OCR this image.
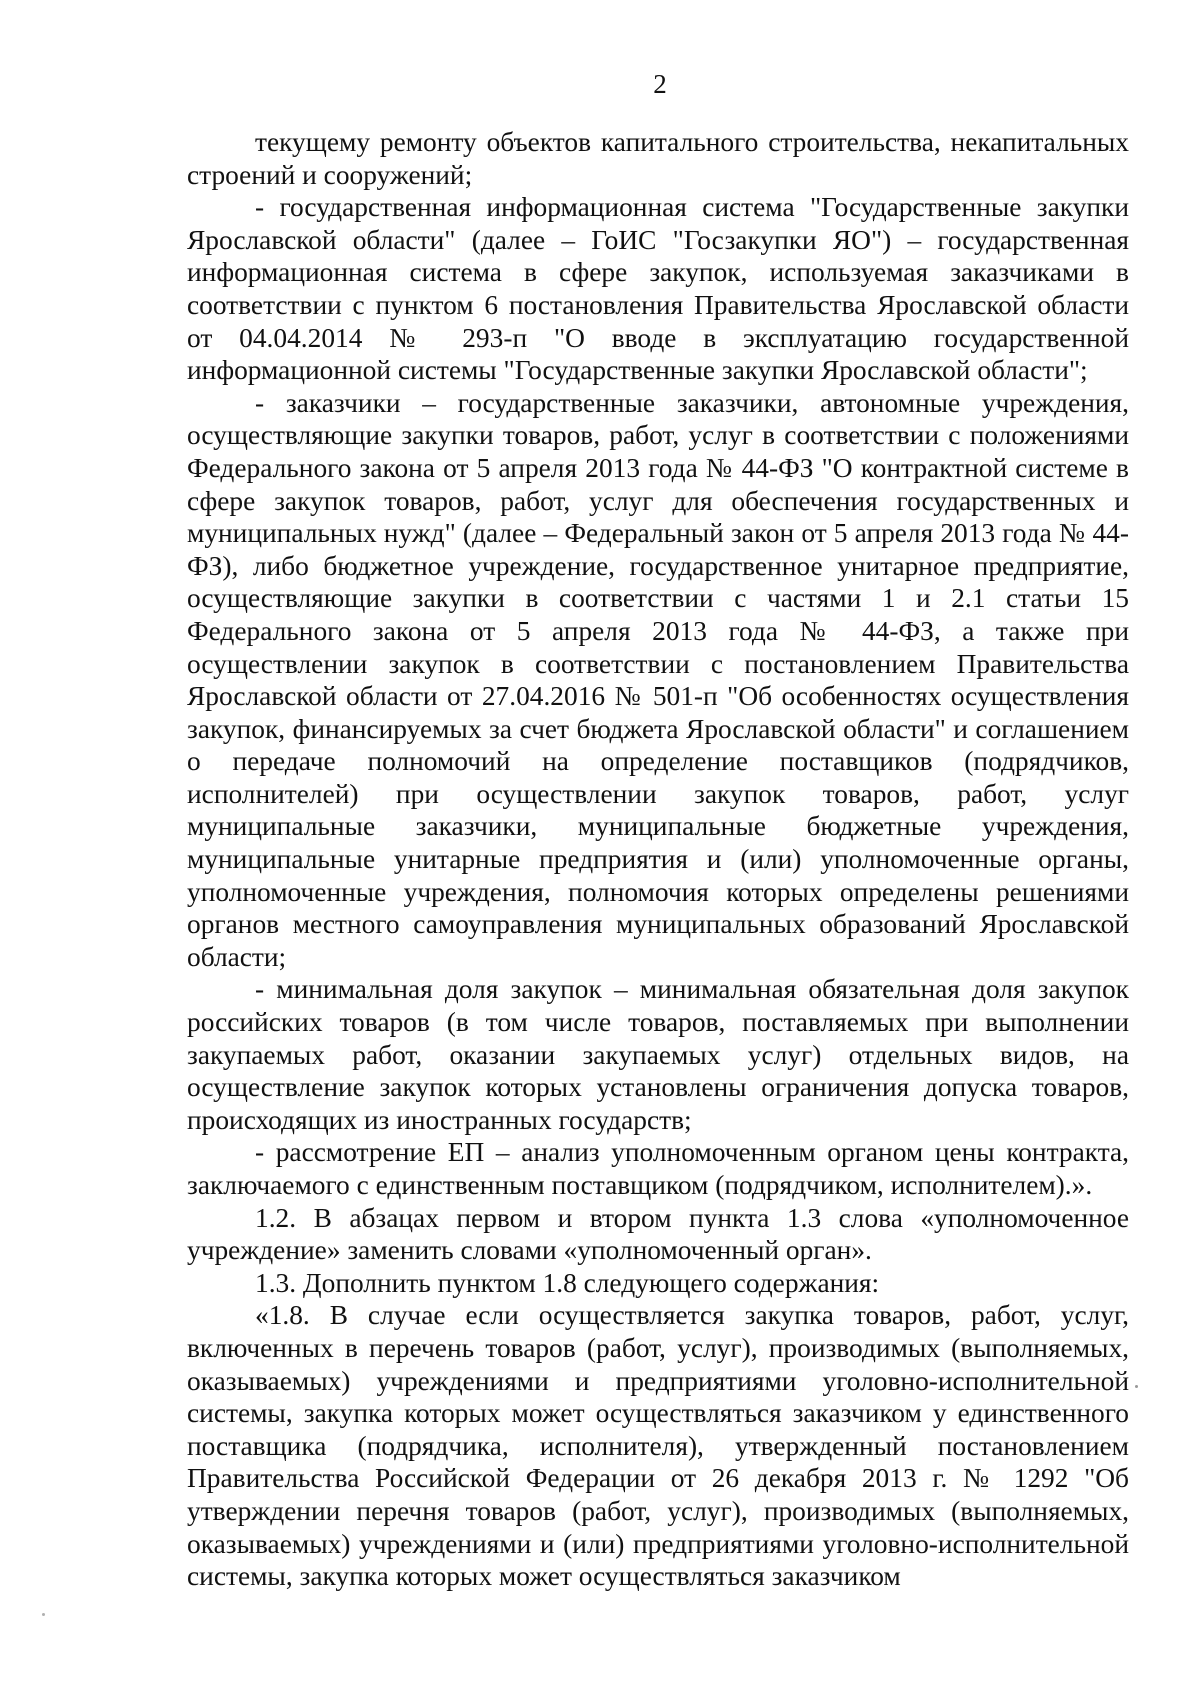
2

текущему ремонту объектов капитального строительства, некапитальных строений и сооружений;

- государственная информационная система "Государственные закупки Ярославской области" (далее – ГоИС "Госзакупки ЯО") – государственная информационная система в сфере закупок, используемая заказчиками в соответствии с пунктом 6 постановления Правительства Ярославской области от 04.04.2014 № 293-п "О вводе в эксплуатацию государственной информационной системы "Государственные закупки Ярославской области";

- заказчики – государственные заказчики, автономные учреждения, осуществляющие закупки товаров, работ, услуг в соответствии с положениями Федерального закона от 5 апреля 2013 года № 44-ФЗ "О контрактной системе в сфере закупок товаров, работ, услуг для обеспечения государственных и муниципальных нужд" (далее – Федеральный закон от 5 апреля 2013 года № 44-ФЗ), либо бюджетное учреждение, государственное унитарное предприятие, осуществляющие закупки в соответствии с частями 1 и 2.1 статьи 15 Федерального закона от 5 апреля 2013 года № 44-ФЗ, а также при осуществлении закупок в соответствии с постановлением Правительства Ярославской области от 27.04.2016 № 501-п "Об особенностях осуществления закупок, финансируемых за счет бюджета Ярославской области" и соглашением о передаче полномочий на определение поставщиков (подрядчиков, исполнителей) при осуществлении закупок товаров, работ, услуг муниципальные заказчики, муниципальные бюджетные учреждения, муниципальные унитарные предприятия и (или) уполномоченные органы, уполномоченные учреждения, полномочия которых определены решениями органов местного самоуправления муниципальных образований Ярославской области;

- минимальная доля закупок – минимальная обязательная доля закупок российских товаров (в том числе товаров, поставляемых при выполнении закупаемых работ, оказании закупаемых услуг) отдельных видов, на осуществление закупок которых установлены ограничения допуска товаров, происходящих из иностранных государств;

- рассмотрение ЕП – анализ уполномоченным органом цены контракта, заключаемого с единственным поставщиком (подрядчиком, исполнителем).».

1.2. В абзацах первом и втором пункта 1.3 слова «уполномоченное учреждение» заменить словами «уполномоченный орган».

1.3. Дополнить пунктом 1.8 следующего содержания:

«1.8. В случае если осуществляется закупка товаров, работ, услуг, включенных в перечень товаров (работ, услуг), производимых (выполняемых, оказываемых) учреждениями и предприятиями уголовно-исполнительной системы, закупка которых может осуществляться заказчиком у единственного поставщика (подрядчика, исполнителя), утвержденный постановлением Правительства Российской Федерации от 26 декабря 2013 г. № 1292 "Об утверждении перечня товаров (работ, услуг), производимых (выполняемых, оказываемых) учреждениями и (или) предприятиями уголовно-исполнительной системы, закупка которых может осуществляться заказчиком
